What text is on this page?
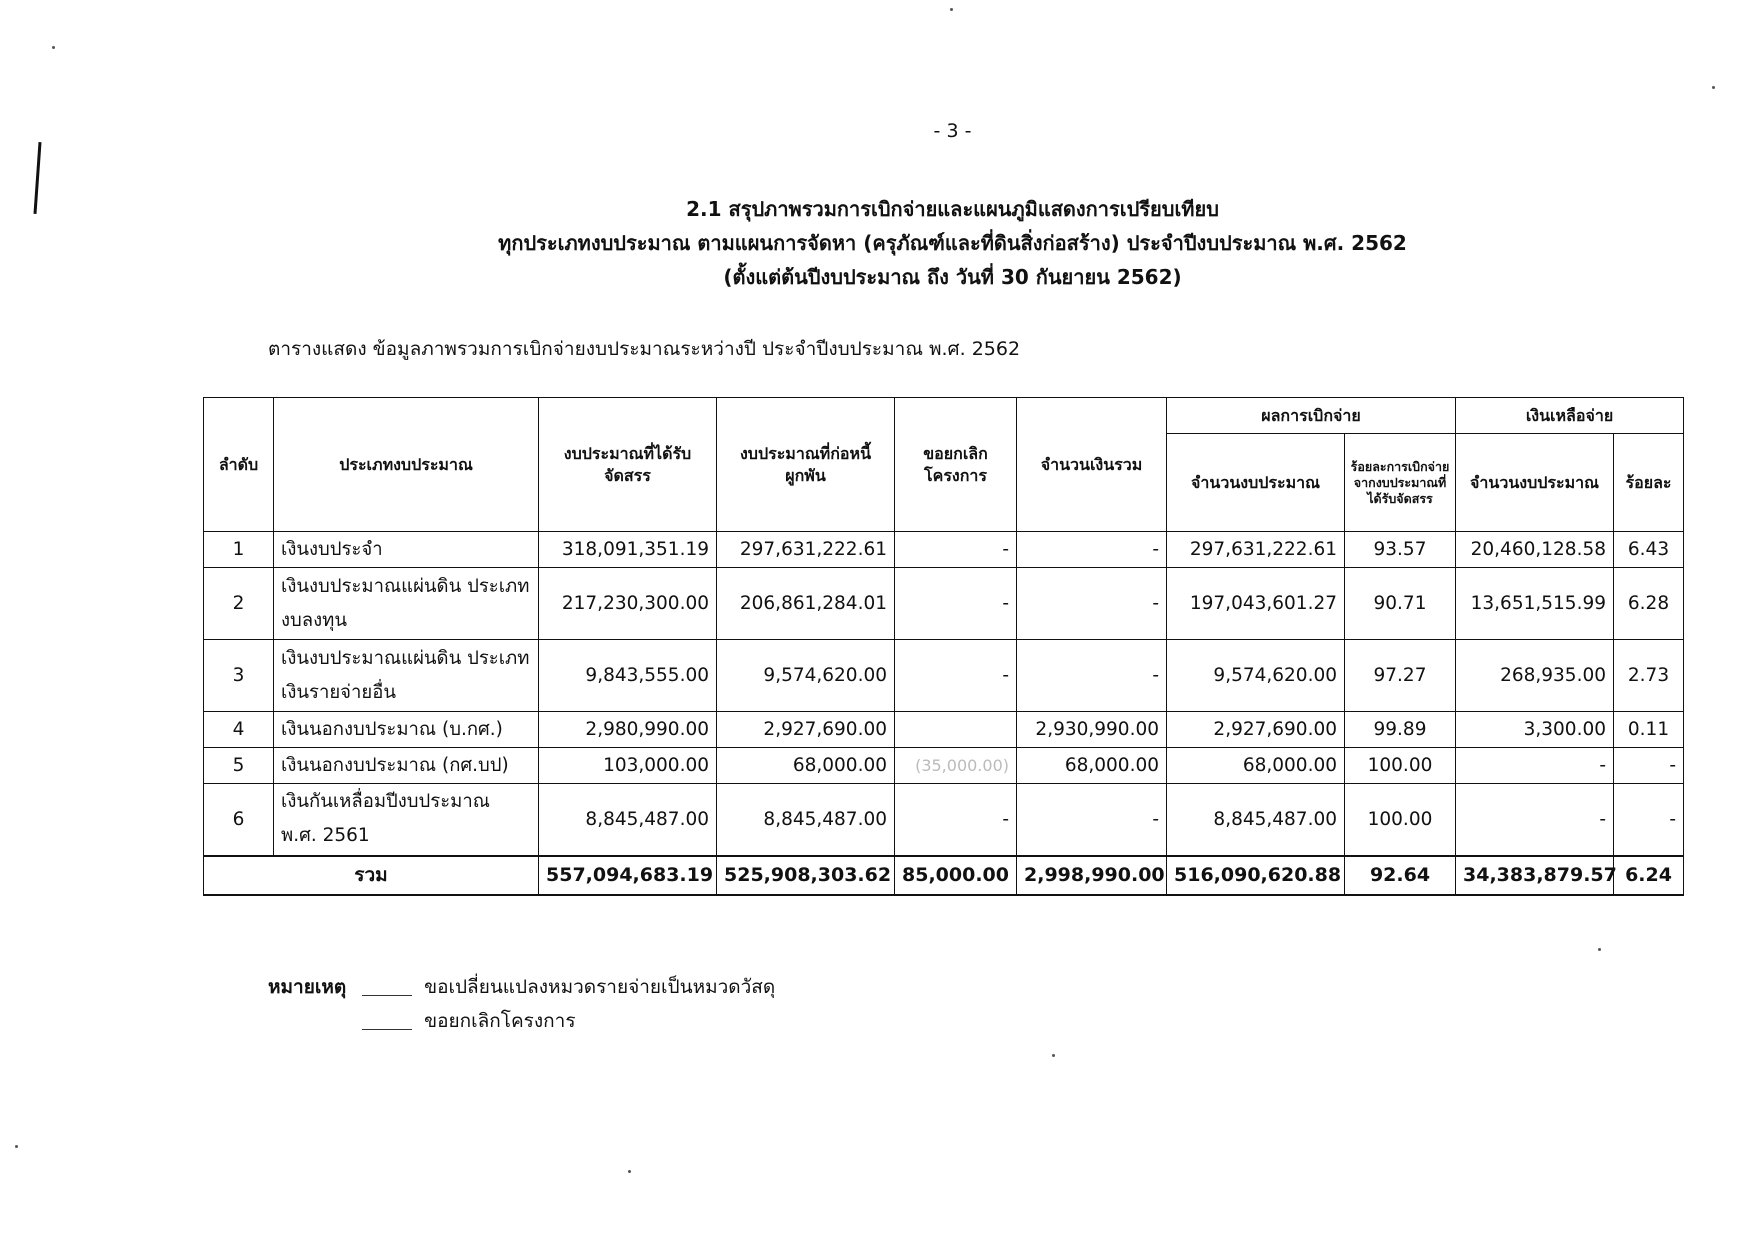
- 3 -
2.1 สรุปภาพรวมการเบิกจ่ายและแผนภูมิแสดงการเปรียบเทียบ
ทุกประเภทงบประมาณ ตามแผนการจัดหา (ครุภัณฑ์และที่ดินสิ่งก่อสร้าง) ประจำปีงบประมาณ พ.ศ. 2562
(ตั้งแต่ต้นปีงบประมาณ ถึง วันที่ 30 กันยายน 2562)
ตารางแสดง ข้อมูลภาพรวมการเบิกจ่ายงบประมาณระหว่างปี ประจำปีงบประมาณ พ.ศ. 2562
ลำดับ	ประเภทงบประมาณ	งบประมาณที่ได้รับจัดสรร	งบประมาณที่ก่อหนี้ผูกพัน	ขอยกเลิกโครงการ	จำนวนเงินรวม	ผลการเบิกจ่าย		เงินเหลือจ่าย	
						จำนวนงบประมาณ	ร้อยละการเบิกจ่ายจากงบประมาณที่ได้รับจัดสรร	จำนวนงบประมาณ	ร้อยละ
1	เงินงบประจำ	318,091,351.19	297,631,222.61	-	-	297,631,222.61	93.57	20,460,128.58	6.43
2	เงินงบประมาณแผ่นดิน ประเภทงบลงทุน	217,230,300.00	206,861,284.01	-	-	197,043,601.27	90.71	13,651,515.99	6.28
3	เงินงบประมาณแผ่นดิน ประเภทเงินรายจ่ายอื่น	9,843,555.00	9,574,620.00	-	-	9,574,620.00	97.27	268,935.00	2.73
4	เงินนอกงบประมาณ (บ.กศ.)	2,980,990.00	2,927,690.00		2,930,990.00	2,927,690.00	99.89	3,300.00	0.11
5	เงินนอกงบประมาณ (กศ.บป)	103,000.00	68,000.00	(35,000.00)	68,000.00	68,000.00	100.00	-	-
6	เงินกันเหลื่อมปีงบประมาณ พ.ศ. 2561	8,845,487.00	8,845,487.00	-	-	8,845,487.00	100.00	-	-
รวม		557,094,683.19	525,908,303.62	85,000.00	2,998,990.00	516,090,620.88	92.64	34,383,879.57	6.24
หมายเหตุ	ขอเปลี่ยนแปลงหมวดรายจ่ายเป็นหมวดวัสดุ
ขอยกเลิกโครงการ
